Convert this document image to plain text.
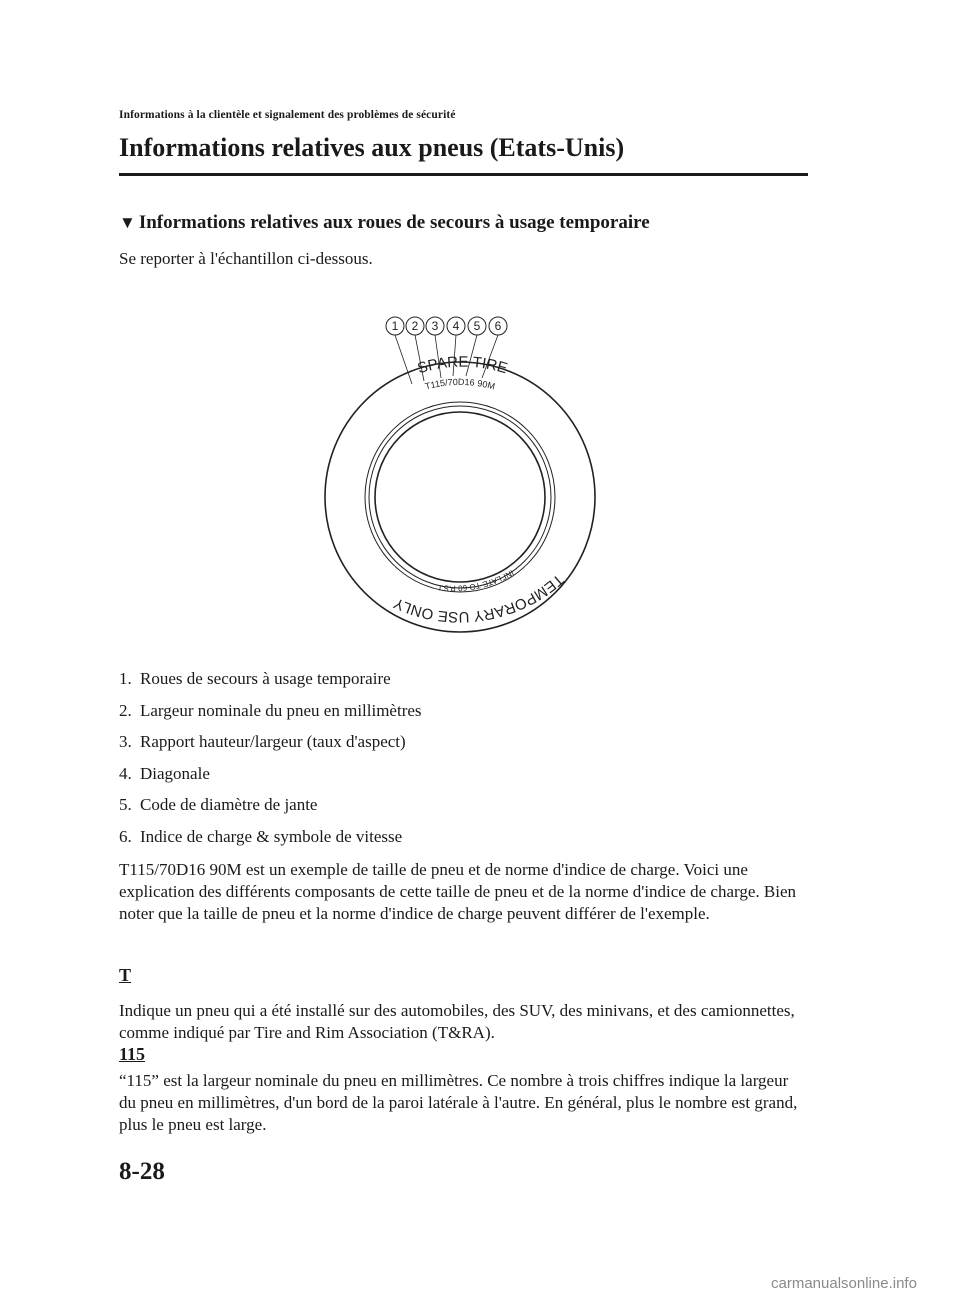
Informations à la clientèle et signalement des problèmes de sécurité
Informations relatives aux pneus (Etats-Unis)
▼ Informations relatives aux roues de secours à usage temporaire
Se reporter à l'échantillon ci-dessous.
1 2 3 4 5 6
SPARE TIRE
T115/70D16 90M
INFLATE TO 60 P.S.I.	TEMPORARY USE ONLY
1. Roues de secours à usage temporaire
2. Largeur nominale du pneu en millimètres
3. Rapport hauteur/largeur (taux d'aspect)
4. Diagonale
5. Code de diamètre de jante
6. Indice de charge & symbole de vitesse

T115/70D16 90M est un exemple de taille de pneu et de norme d'indice de charge. Voici une explication des différents composants de cette taille de pneu et de la norme d'indice de charge. Bien noter que la taille de pneu et la norme d'indice de charge peuvent différer de l'exemple.

T

Indique un pneu qui a été installé sur des automobiles, des SUV, des minivans, et des camionnettes, comme indiqué par Tire and Rim Association (T&RA).

115

“115” est la largeur nominale du pneu en millimètres. Ce nombre à trois chiffres indique la largeur du pneu en millimètres, d'un bord de la paroi latérale à l'autre. En général, plus le nombre est grand, plus le pneu est large.

8-28
carmanualsonline.info
